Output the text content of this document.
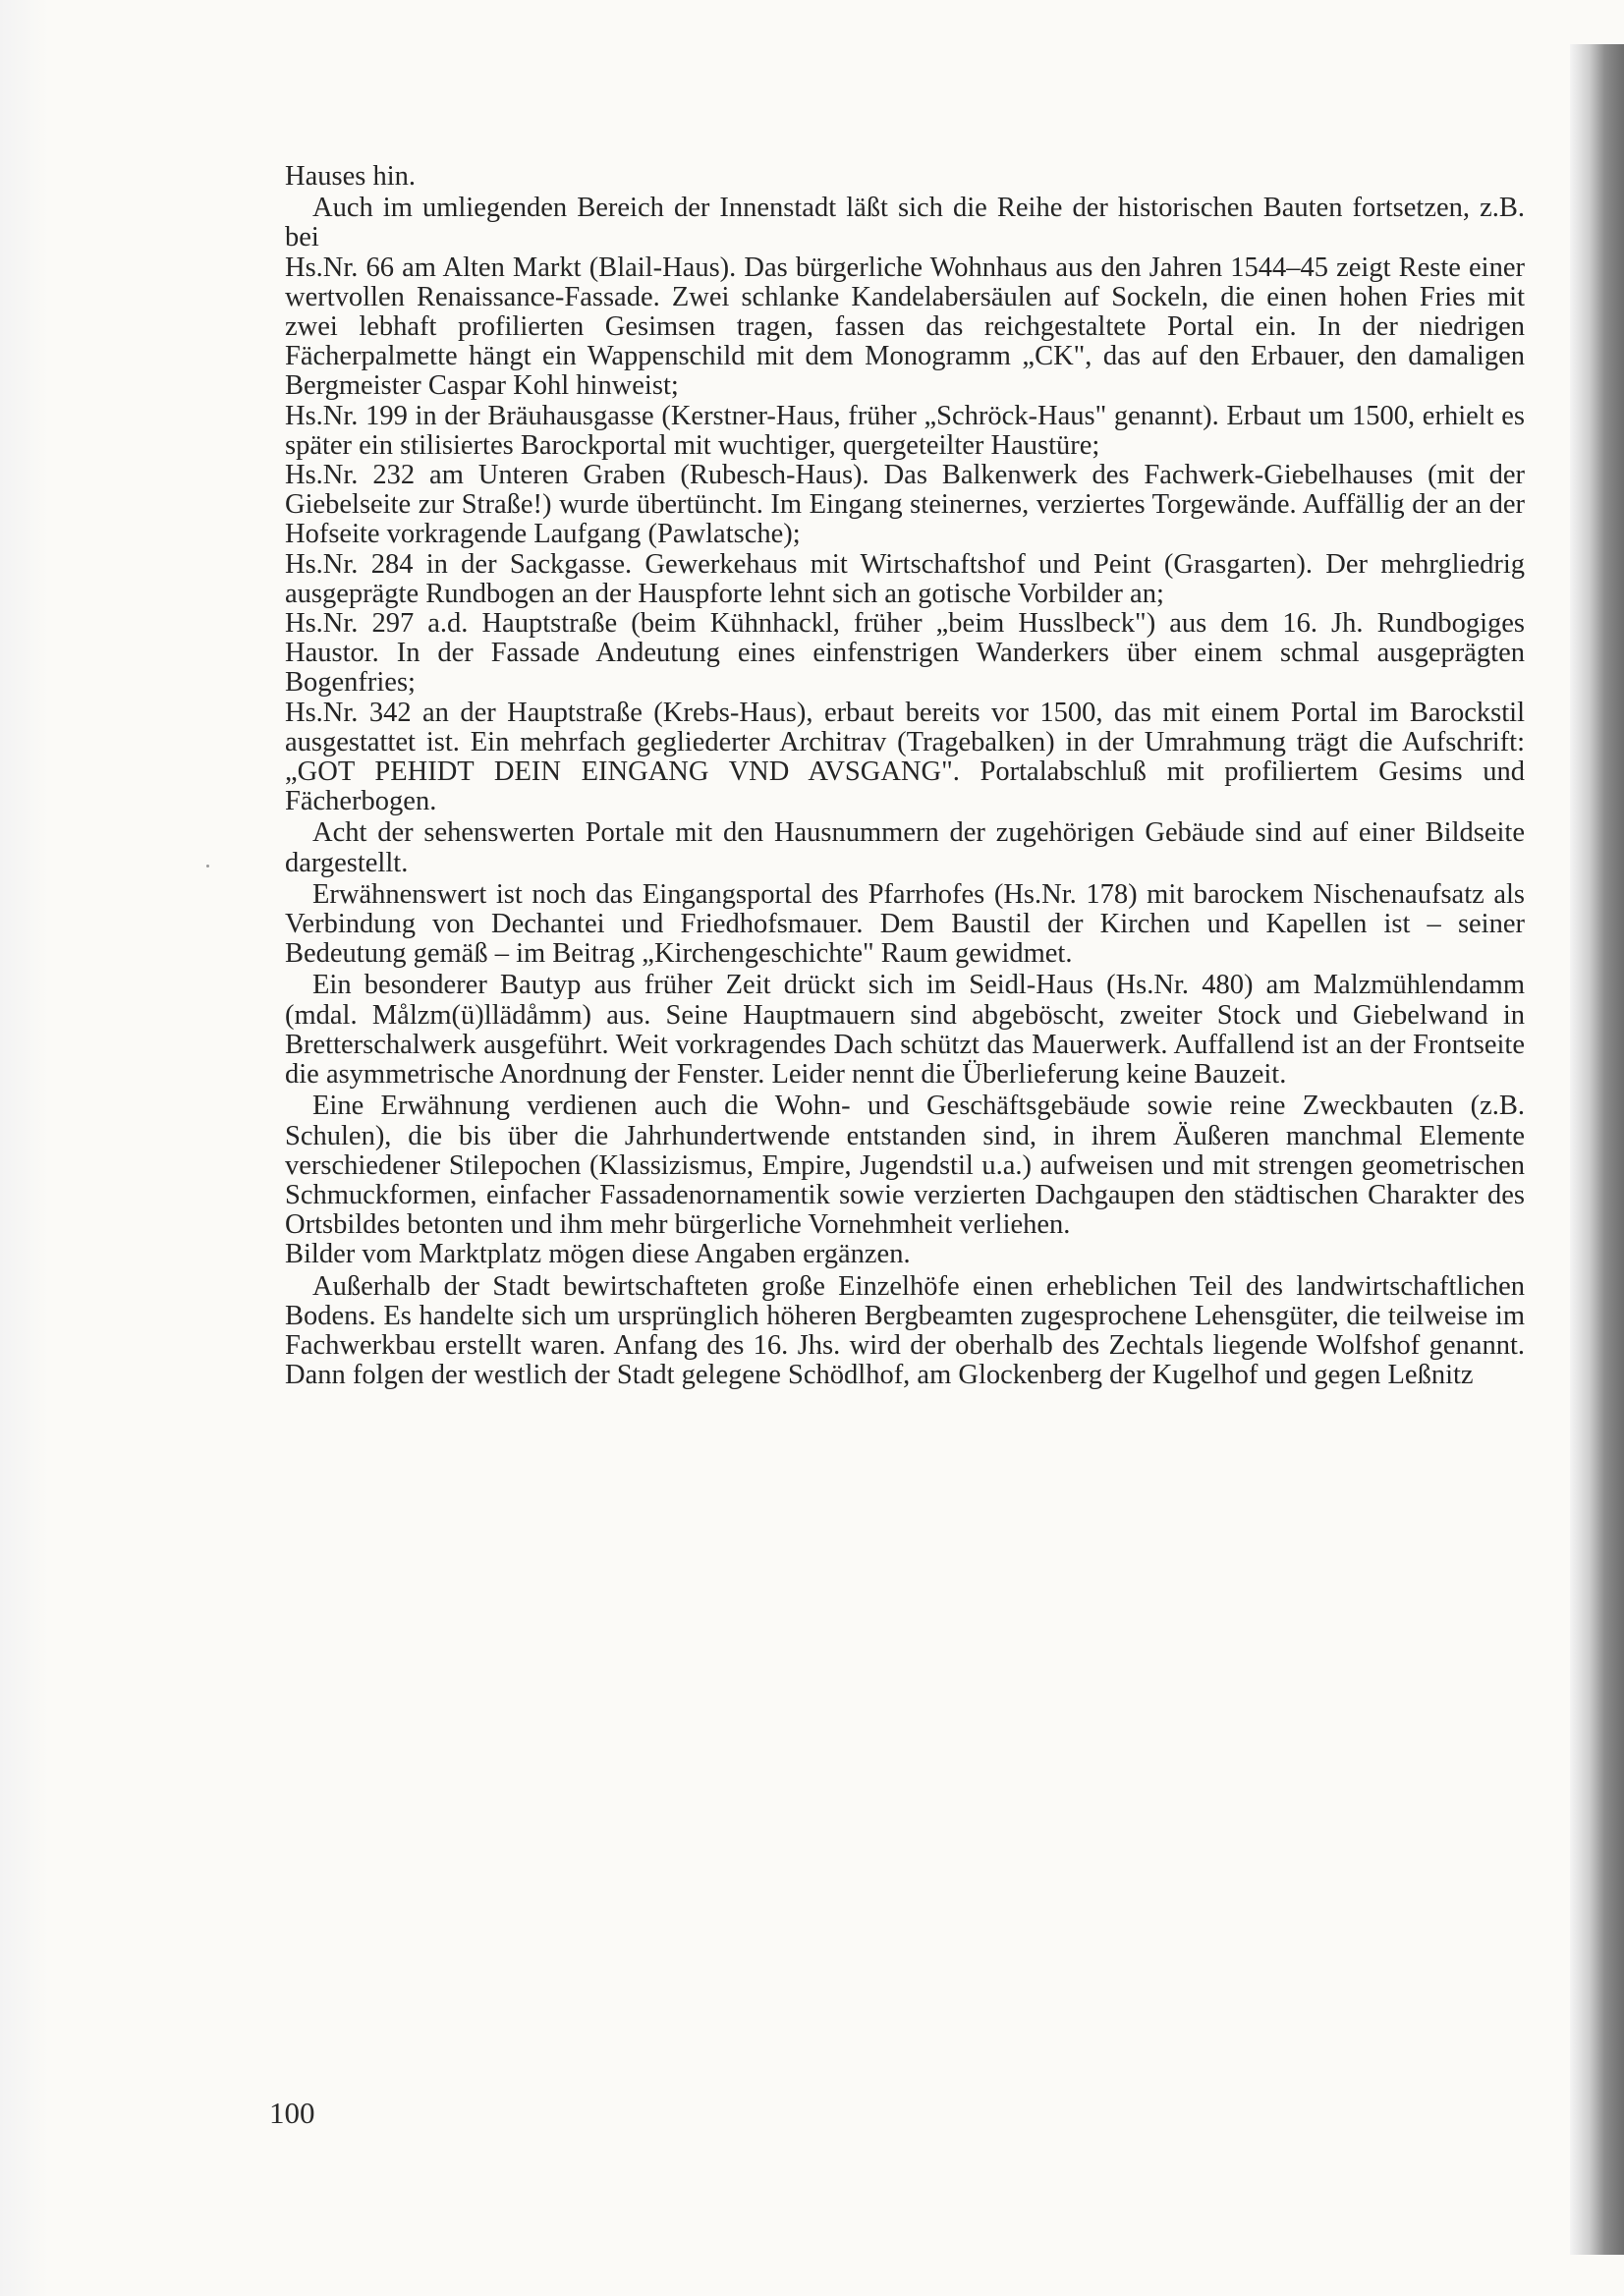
Hauses hin.

Auch im umliegenden Bereich der Innenstadt läßt sich die Reihe der historischen Bauten fortsetzen, z.B. bei

Hs.Nr. 66 am Alten Markt (Blail-Haus). Das bürgerliche Wohnhaus aus den Jahren 1544–45 zeigt Reste einer wertvollen Renaissance-Fassade. Zwei schlanke Kandelabersäulen auf Sockeln, die einen hohen Fries mit zwei lebhaft profilierten Gesimsen tragen, fassen das reichgestaltete Portal ein. In der niedrigen Fächerpalmette hängt ein Wappenschild mit dem Monogramm „CK", das auf den Erbauer, den damaligen Bergmeister Caspar Kohl hinweist;

Hs.Nr. 199 in der Bräuhausgasse (Kerstner-Haus, früher „Schröck-Haus" genannt). Erbaut um 1500, erhielt es später ein stilisiertes Barockportal mit wuchtiger, quergeteilter Haustüre;

Hs.Nr. 232 am Unteren Graben (Rubesch-Haus). Das Balkenwerk des Fachwerk-Giebelhauses (mit der Giebelseite zur Straße!) wurde übertüncht. Im Eingang steinernes, verziertes Torgewände. Auffällig der an der Hofseite vorkragende Laufgang (Pawlatsche);

Hs.Nr. 284 in der Sackgasse. Gewerkehaus mit Wirtschaftshof und Peint (Grasgarten). Der mehrgliedrig ausgeprägte Rundbogen an der Hauspforte lehnt sich an gotische Vorbilder an;

Hs.Nr. 297 a.d. Hauptstraße (beim Kühnhackl, früher „beim Husslbeck") aus dem 16. Jh. Rundbogiges Haustor. In der Fassade Andeutung eines einfenstrigen Wanderkers über einem schmal ausgeprägten Bogenfries;

Hs.Nr. 342 an der Hauptstraße (Krebs-Haus), erbaut bereits vor 1500, das mit einem Portal im Barockstil ausgestattet ist. Ein mehrfach gegliederter Architrav (Tragebalken) in der Umrahmung trägt die Aufschrift: „GOT PEHIDT DEIN EINGANG VND AVSGANG". Portalabschluß mit profiliertem Gesims und Fächerbogen.

Acht der sehenswerten Portale mit den Hausnummern der zugehörigen Gebäude sind auf einer Bildseite dargestellt.

Erwähnenswert ist noch das Eingangsportal des Pfarrhofes (Hs.Nr. 178) mit barockem Nischenaufsatz als Verbindung von Dechantei und Friedhofsmauer. Dem Baustil der Kirchen und Kapellen ist – seiner Bedeutung gemäß – im Beitrag „Kirchengeschichte" Raum gewidmet.

Ein besonderer Bautyp aus früher Zeit drückt sich im Seidl-Haus (Hs.Nr. 480) am Malzmühlendamm (mdal. Målzm(ü)llädåmm) aus. Seine Hauptmauern sind abgeböscht, zweiter Stock und Giebelwand in Bretterschalwerk ausgeführt. Weit vorkragendes Dach schützt das Mauerwerk. Auffallend ist an der Frontseite die asymmetrische Anordnung der Fenster. Leider nennt die Überlieferung keine Bauzeit.

Eine Erwähnung verdienen auch die Wohn- und Geschäftsgebäude sowie reine Zweckbauten (z.B. Schulen), die bis über die Jahrhundertwende entstanden sind, in ihrem Äußeren manchmal Elemente verschiedener Stilepochen (Klassizismus, Empire, Jugendstil u.a.) aufweisen und mit strengen geometrischen Schmuckformen, einfacher Fassadenornamentik sowie verzierten Dachgaupen den städtischen Charakter des Ortsbildes betonten und ihm mehr bürgerliche Vornehmheit verliehen.

Bilder vom Marktplatz mögen diese Angaben ergänzen.

Außerhalb der Stadt bewirtschafteten große Einzelhöfe einen erheblichen Teil des landwirtschaftlichen Bodens. Es handelte sich um ursprünglich höheren Bergbeamten zugesprochene Lehensgüter, die teilweise im Fachwerkbau erstellt waren. Anfang des 16. Jhs. wird der oberhalb des Zechtals liegende Wolfshof genannt. Dann folgen der westlich der Stadt gelegene Schödlhof, am Glockenberg der Kugelhof und gegen Leßnitz

100
